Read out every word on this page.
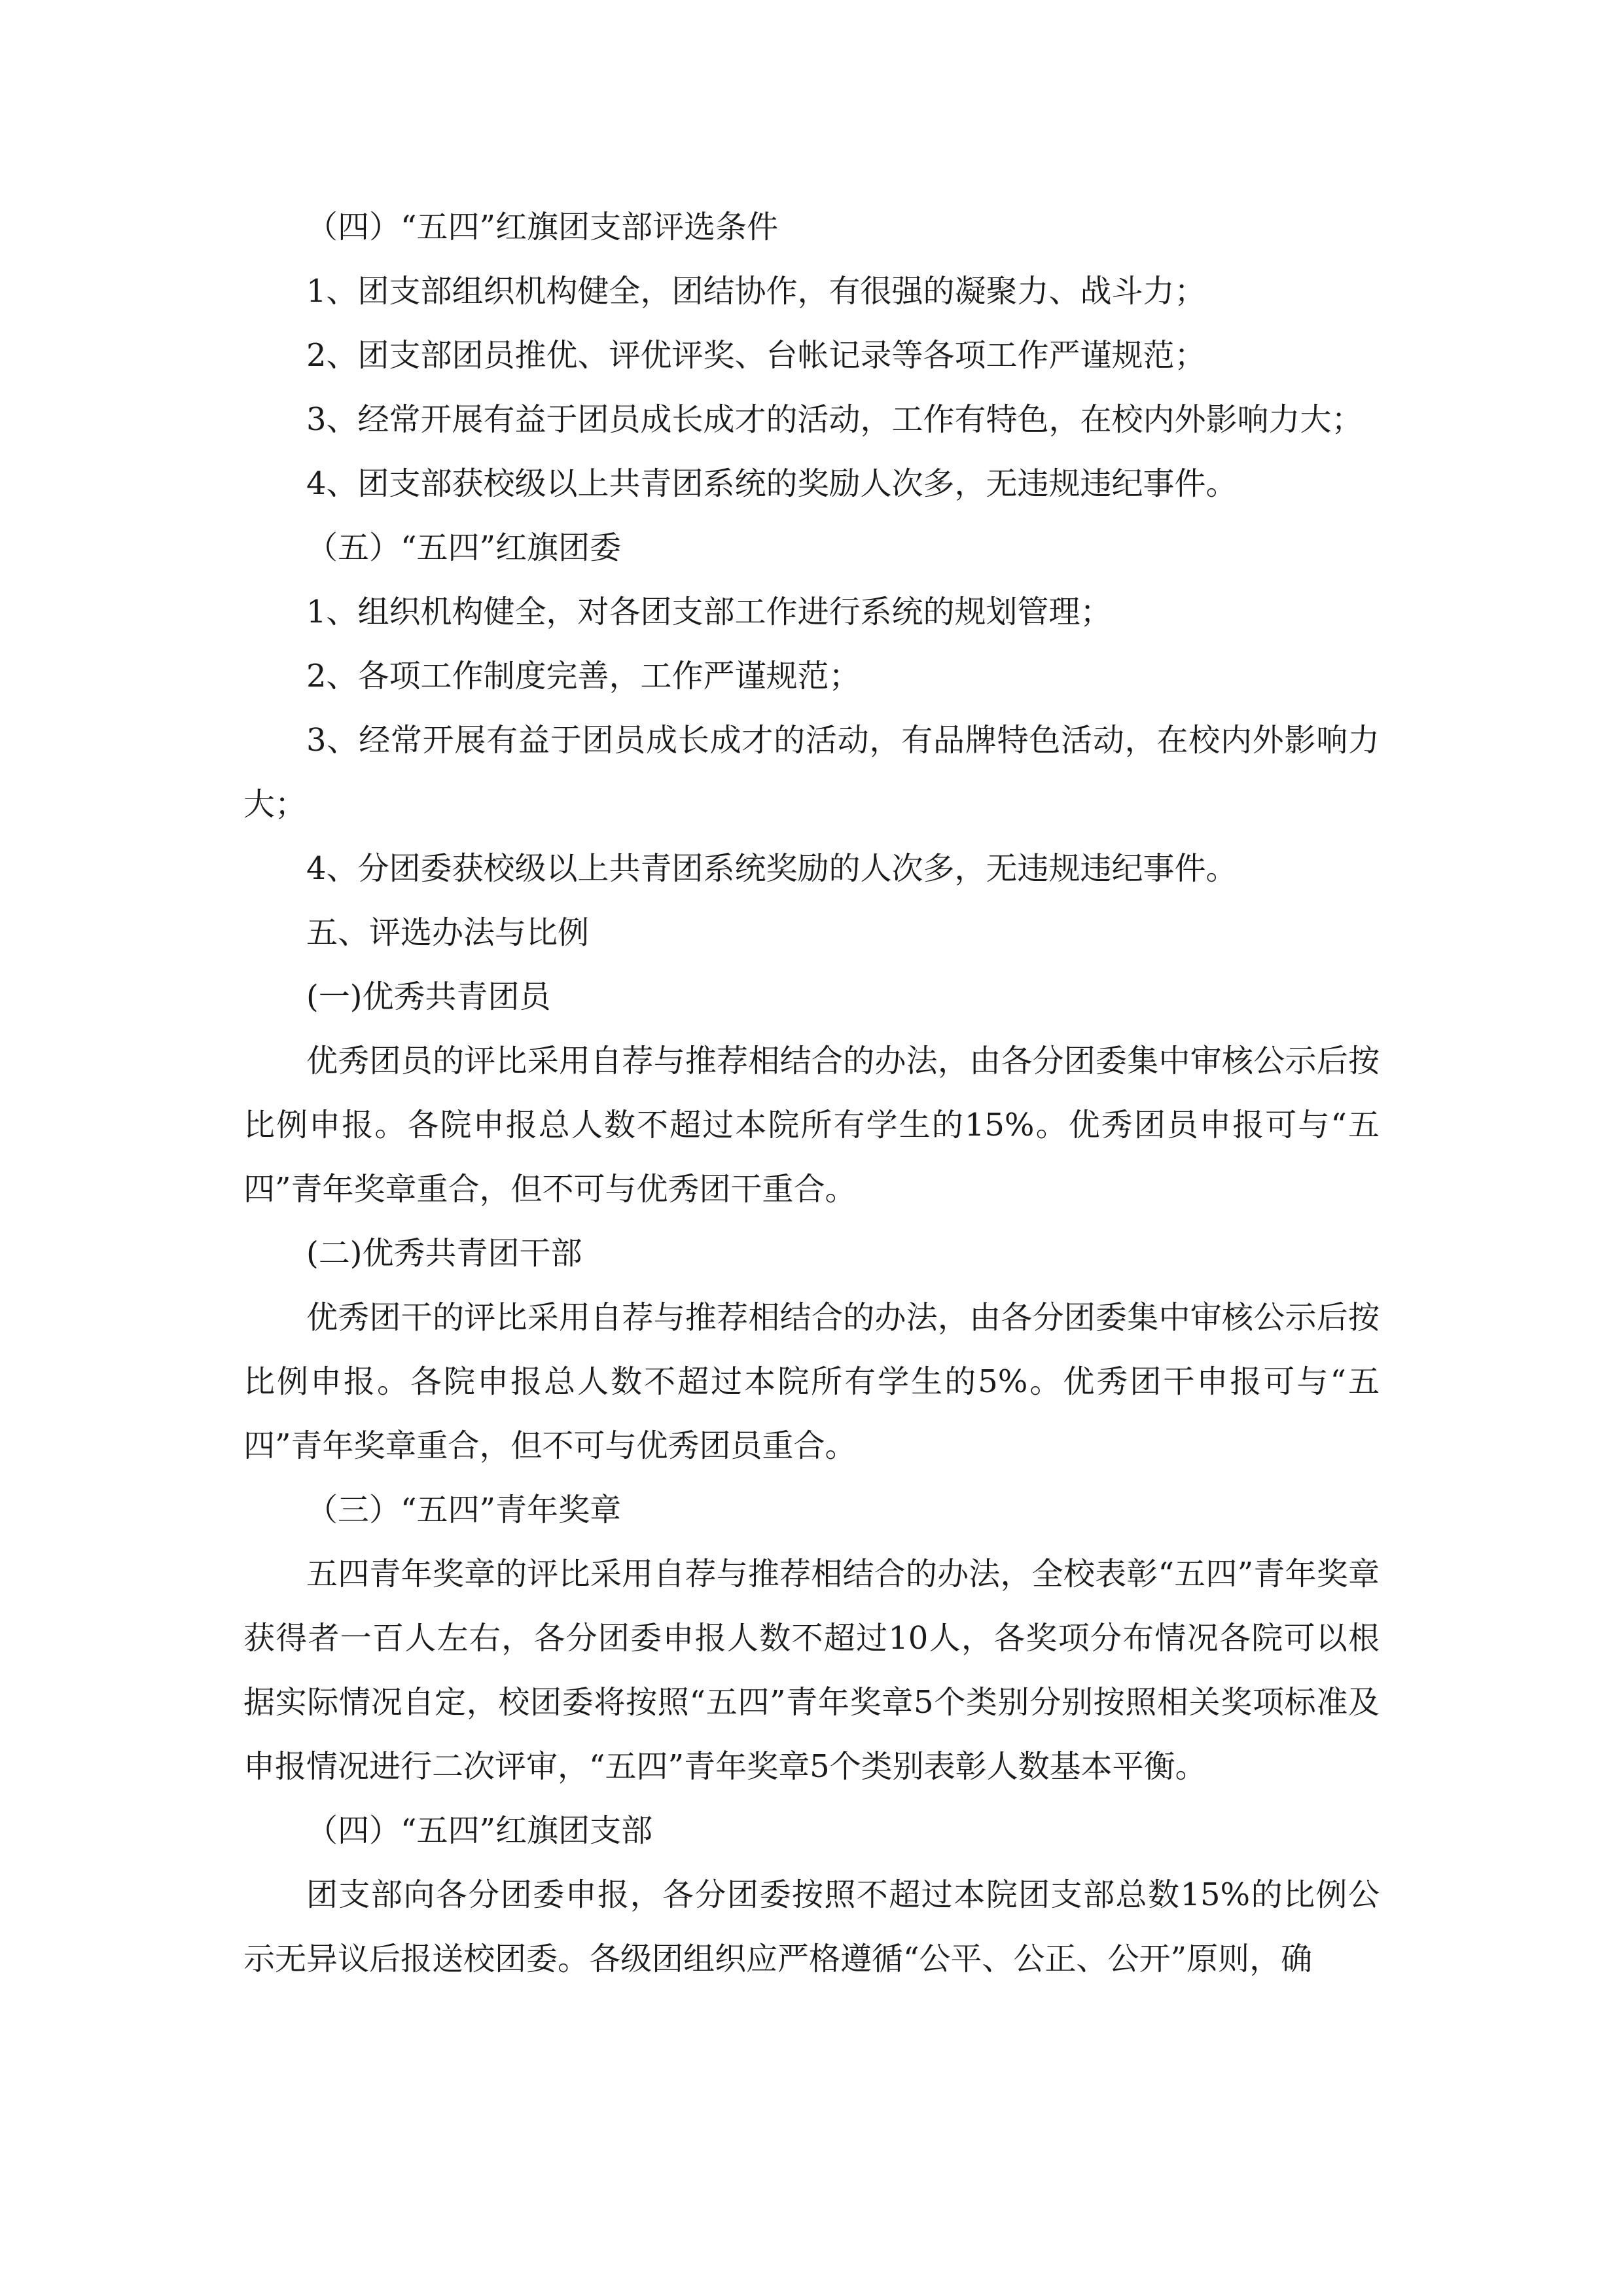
（四）“五四”红旗团支部评选条件

1、团支部组织机构健全，团结协作，有很强的凝聚力、战斗力；

2、团支部团员推优、评优评奖、台帐记录等各项工作严谨规范；

3、经常开展有益于团员成长成才的活动，工作有特色，在校内外影响力大；

4、团支部获校级以上共青团系统的奖励人次多，无违规违纪事件。

（五）“五四”红旗团委

1、组织机构健全，对各团支部工作进行系统的规划管理；

2、各项工作制度完善，工作严谨规范；

3、经常开展有益于团员成长成才的活动，有品牌特色活动，在校内外影响力大；

4、分团委获校级以上共青团系统奖励的人次多，无违规违纪事件。

五、评选办法与比例

(一)优秀共青团员

优秀团员的评比采用自荐与推荐相结合的办法，由各分团委集中审核公示后按比例申报。各院申报总人数不超过本院所有学生的15%。优秀团员申报可与“五四”青年奖章重合，但不可与优秀团干重合。

(二)优秀共青团干部

优秀团干的评比采用自荐与推荐相结合的办法，由各分团委集中审核公示后按比例申报。各院申报总人数不超过本院所有学生的5%。优秀团干申报可与“五四”青年奖章重合，但不可与优秀团员重合。

（三）“五四”青年奖章

五四青年奖章的评比采用自荐与推荐相结合的办法，全校表彰“五四”青年奖章获得者一百人左右，各分团委申报人数不超过10人，各奖项分布情况各院可以根据实际情况自定，校团委将按照“五四”青年奖章5个类别分别按照相关奖项标准及申报情况进行二次评审，“五四”青年奖章5个类别表彰人数基本平衡。

（四）“五四”红旗团支部

团支部向各分团委申报，各分团委按照不超过本院团支部总数15%的比例公示无异议后报送校团委。各级团组织应严格遵循“公平、公正、公开”原则，确
